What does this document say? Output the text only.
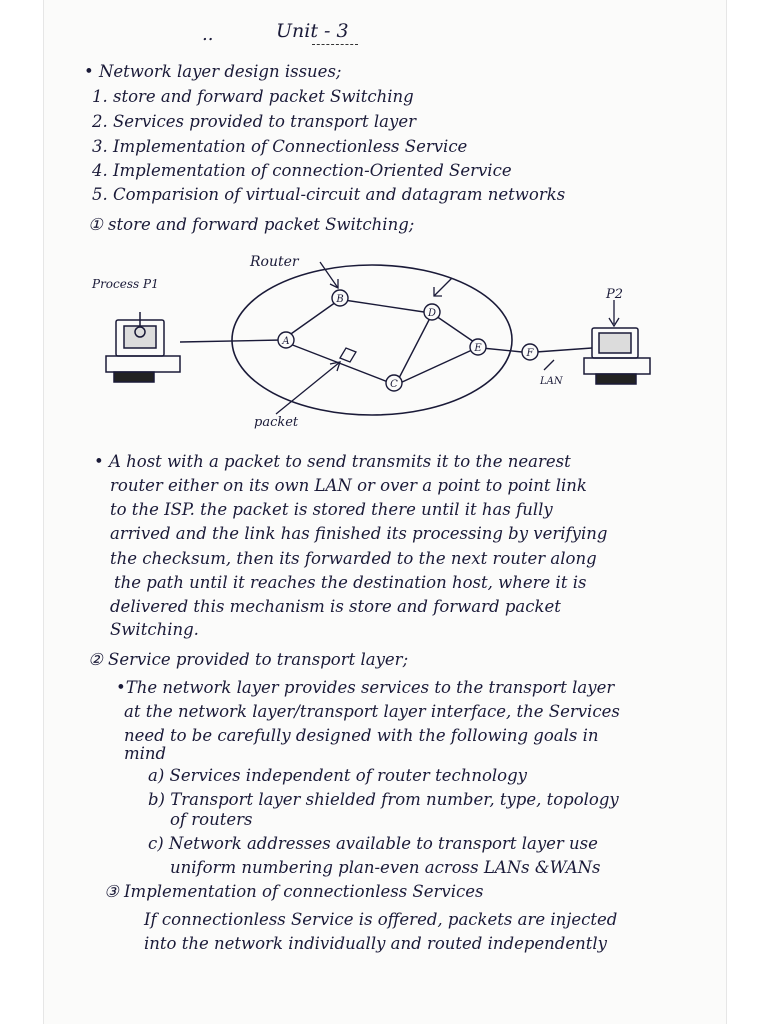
..	Unit - 3
• Network layer design issues;
1. store and forward packet Switching
2. Services provided to transport layer
3. Implementation of Connectionless Service
4. Implementation of connection-Oriented Service
5. Comparision of virtual-circuit and datagram networks
① store and forward packet Switching;
A
B
C
D
E	F
Router
Process P1
P2
packet
LAN
• A host with a packet to send transmits it to the nearest
router either on its own LAN or over a point to point link
to the ISP. the packet is stored there until it has fully
arrived and the link has finished its processing by verifying
the checksum, then its forwarded to the next router along
the path until it reaches the destination host, where it is
delivered this mechanism is store and forward packet
Switching.
② Service provided to transport layer;
•The network layer provides services to the transport layer
at the network layer/transport layer interface, the Services
need to be carefully designed with the following goals in
mind
a) Services independent of router technology
b) Transport layer shielded from number, type, topology
of routers
c) Network addresses available to transport layer use
uniform numbering plan-even across LANs &WANs
③ Implementation of connectionless Services
If connectionless Service is offered, packets are injected
into the network individually and routed independently
